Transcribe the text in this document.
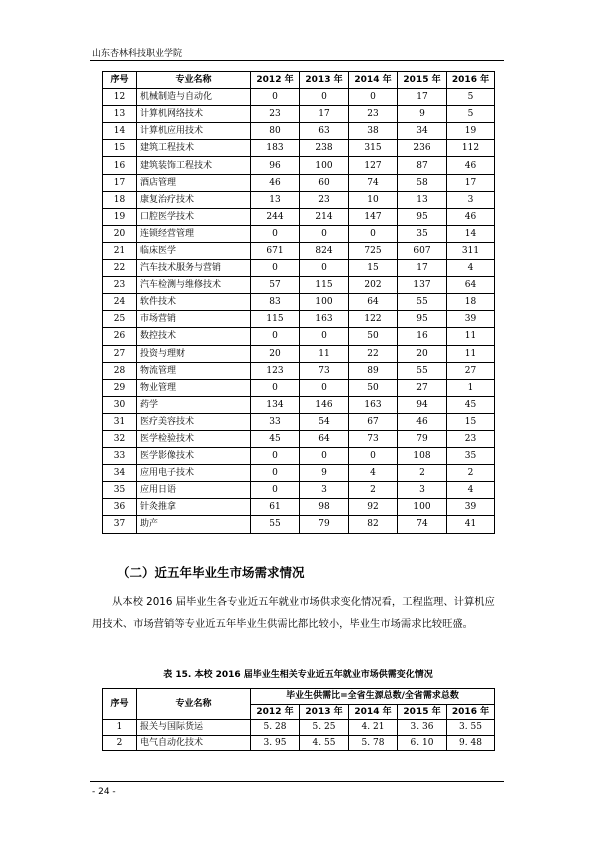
山东杏林科技职业学院
序号	专业名称	2012 年	2013 年	2014 年	2015 年	2016 年
12	机械制造与自动化	0	0	0	17	5
13	计算机网络技术	23	17	23	9	5
14	计算机应用技术	80	63	38	34	19
15	建筑工程技术	183	238	315	236	112
16	建筑装饰工程技术	96	100	127	87	46
17	酒店管理	46	60	74	58	17
18	康复治疗技术	13	23	10	13	3
19	口腔医学技术	244	214	147	95	46
20	连锁经营管理	0	0	0	35	14
21	临床医学	671	824	725	607	311
22	汽车技术服务与营销	0	0	15	17	4
23	汽车检测与维修技术	57	115	202	137	64
24	软件技术	83	100	64	55	18
25	市场营销	115	163	122	95	39
26	数控技术	0	0	50	16	11
27	投资与理财	20	11	22	20	11
28	物流管理	123	73	89	55	27
29	物业管理	0	0	50	27	1
30	药学	134	146	163	94	45
31	医疗美容技术	33	54	67	46	15
32	医学检验技术	45	64	73	79	23
33	医学影像技术	0	0	0	108	35
34	应用电子技术	0	9	4	2	2
35	应用日语	0	3	2	3	4
36	针灸推拿	61	98	92	100	39
37	助产	55	79	82	74	41
（二）近五年毕业生市场需求情况
从本校 2016 届毕业生各专业近五年就业市场供求变化情况看，工程监理、计算机应用技术、市场营销等专业近五年毕业生供需比都比较小，毕业生市场需求比较旺盛。
表 15. 本校 2016 届毕业生相关专业近五年就业市场供需变化情况
序号	专业名称	毕业生供需比=全省生源总数/全省需求总数				
		2012 年	2013 年	2014 年	2015 年	2016 年
1	报关与国际货运	5. 28	5. 25	4. 21	3. 36	3. 55
2	电气自动化技术	3. 95	4. 55	5. 78	6. 10	9. 48
- 24 -
